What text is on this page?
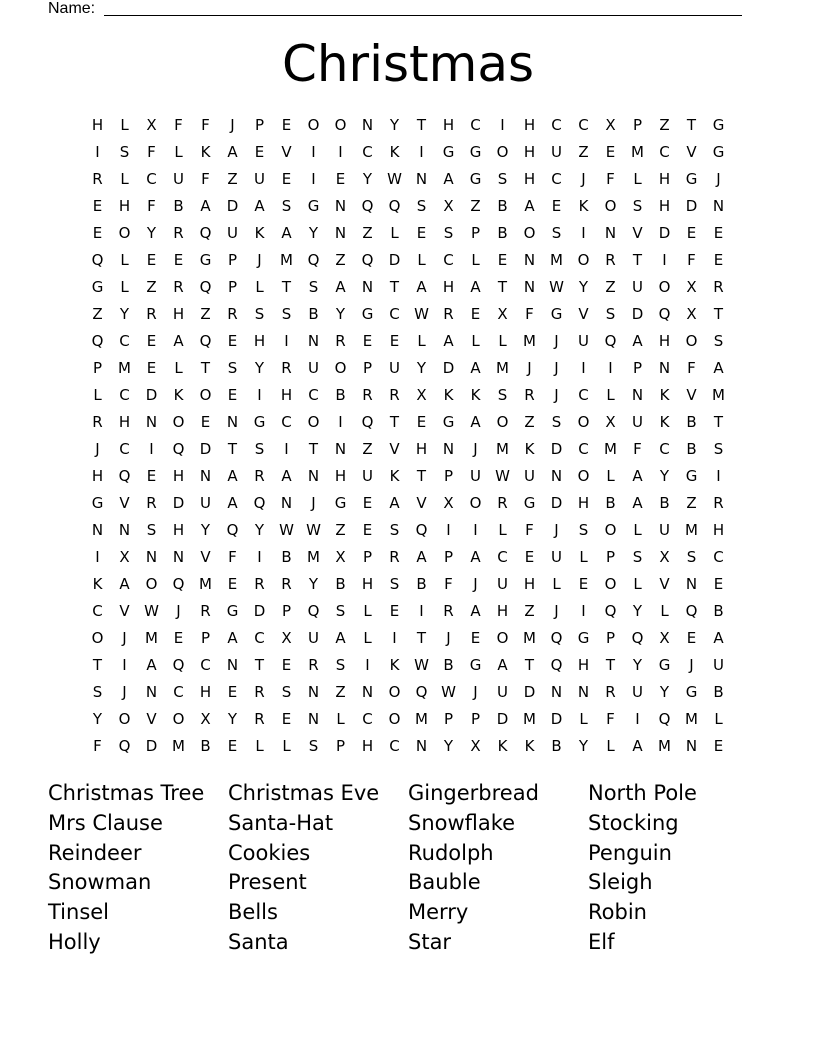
Name:
Christmas
H	L	X	F	F	J	P	E	O	O	N	Y	T	H	C	I	H	C	C	X	P	Z	T	G
I	S	F	L	K	A	E	V	I	I	C	K	I	G	G	O	H	U	Z	E	M	C	V	G
R	L	C	U	F	Z	U	E	I	E	Y	W N	A	G	S	H	C	J	F	L	H	G	J
E	H	F	B	A	D	A	S	G	N	Q	Q	S	X	Z	B	A	E	K	O	S	H	D	N
E	O	Y	R	Q	U	K	A	Y	N	Z	L	E	S	P	B	O	S	I	N	V	D	E	E
Q	L	E	E	G	P	J	M Q	Z	Q	D	L	C	L	E	N M O	R	T	I	F	E
G	L	Z	R	Q	P	L	T	S	A	N	T	A	H	A	T	N W Y	Z	U	O	X	R
Z	Y	R	H	Z	R	S	S	B	Y	G	C W R	E	X	F	G	V	S	D	Q	X	T
Q	C	E	A	Q	E	H	I	N	R	E	E	L	A	L	L	M	J	U	Q	A	H	O	S
P	M	E	L	T	S	Y	R	U	O	P	U	Y	D	A	M	J	J	I	I	P	N	F	A
L	C	D	K	O	E	I	H	C	B	R	R	X	K	K	S	R	J	C	L	N	K	V	M
R	H	N	O	E	N	G	C	O	I	Q	T	E	G	A	O	Z	S	O	X	U	K	B	T
J	C	I	Q	D	T	S	I	T	N	Z	V	H	N	J	M	K	D	C	M	F	C	B	S
H	Q	E	H	N	A	R	A	N	H	U	K	T	P	U W U	N	O	L	A	Y	G	I
G	V	R	D	U	A	Q	N	J	G	E	A	V	X	O	R	G	D	H	B	A	B	Z	R
N	N	S	H	Y	Q	Y	W W Z	E	S	Q	I	I	L	F	J	S	O	L	U	M H
I	X	N	N	V	F	I	B	M	X	P	R	A	P	A	C	E	U	L	P	S	X	S	C
K	A	O	Q M	E	R	R	Y	B	H	S	B	F	J	U	H	L	E	O	L	V	N	E
C	V W	J	R	G	D	P	Q	S	L	E	I	R	A	H	Z	J	I	Q	Y	L	Q	B
O	J	M	E	P	A	C	X	U	A	L	I	T	J	E	O M Q	G	P	Q	X	E	A
T	I	A	Q	C	N	T	E	R	S	I	K W B	G	A	T	Q	H	T	Y	G	J	U
S	J	N	C	H	E	R	S	N	Z	N	O	Q W	J	U	D	N	N	R	U	Y	G	B
Y	O	V	O	X	Y	R	E	N	L	C	O M	P	P	D M D	L	F	I	Q M	L
F	Q	D M	B	E	L	L	S	P	H	C	N	Y	X	K	K	B	Y	L	A	M N	E
Christmas Tree	Christmas Eve	Gingerbread	North Pole
Mrs Clause	Santa-Hat	Snowflake	Stocking
Reindeer	Cookies	Rudolph	Penguin
Snowman	Present	Bauble	Sleigh
Tinsel	Bells	Merry	Robin
Holly	Santa	Star	Elf
